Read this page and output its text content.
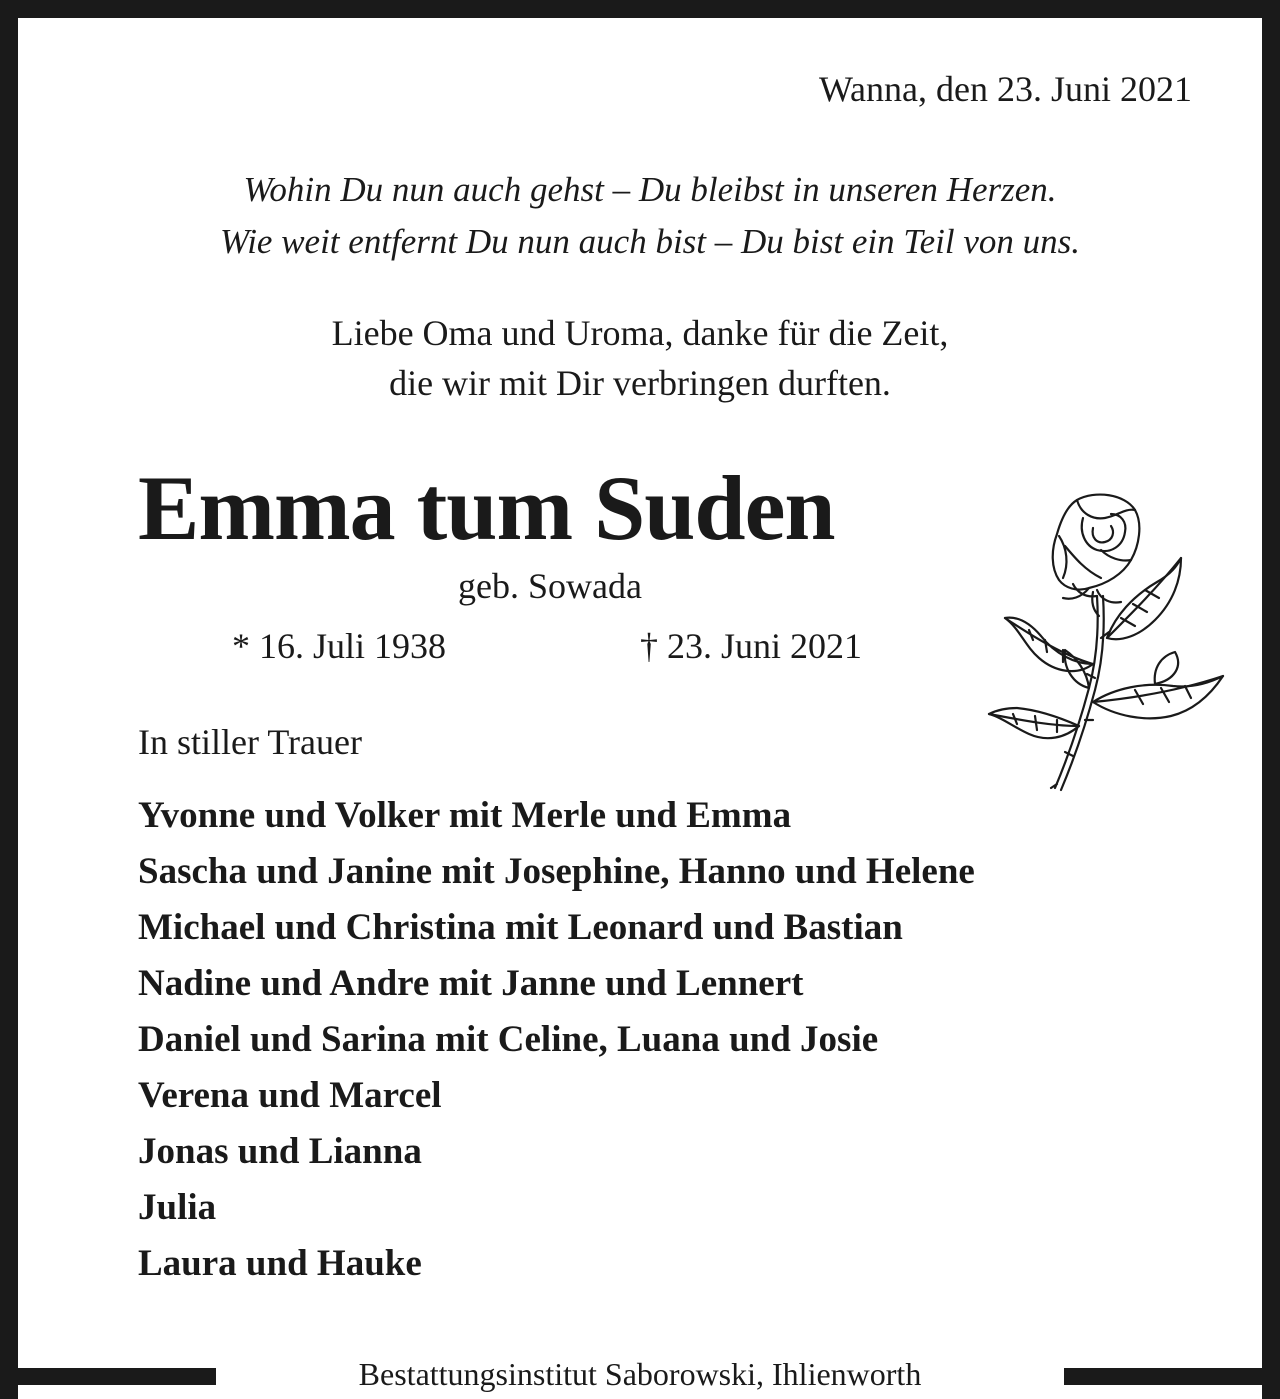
Wanna, den 23. Juni 2021
Wohin Du nun auch gehst – Du bleibst in unseren Herzen.
Wie weit entfernt Du nun auch bist – Du bist ein Teil von uns.
Liebe Oma und Uroma, danke für die Zeit,
die wir mit Dir verbringen durften.
Emma tum Suden
geb. Sowada
* 16. Juli 1938	† 23. Juni 2021
In stiller Trauer
Yvonne und Volker mit Merle und Emma
Sascha und Janine mit Josephine, Hanno und Helene
Michael und Christina mit Leonard und Bastian
Nadine und Andre mit Janne und Lennert
Daniel und Sarina mit Celine, Luana und Josie
Verena und Marcel
Jonas und Lianna
Julia
Laura und Hauke
Bestattungsinstitut Saborowski, Ihlienworth
